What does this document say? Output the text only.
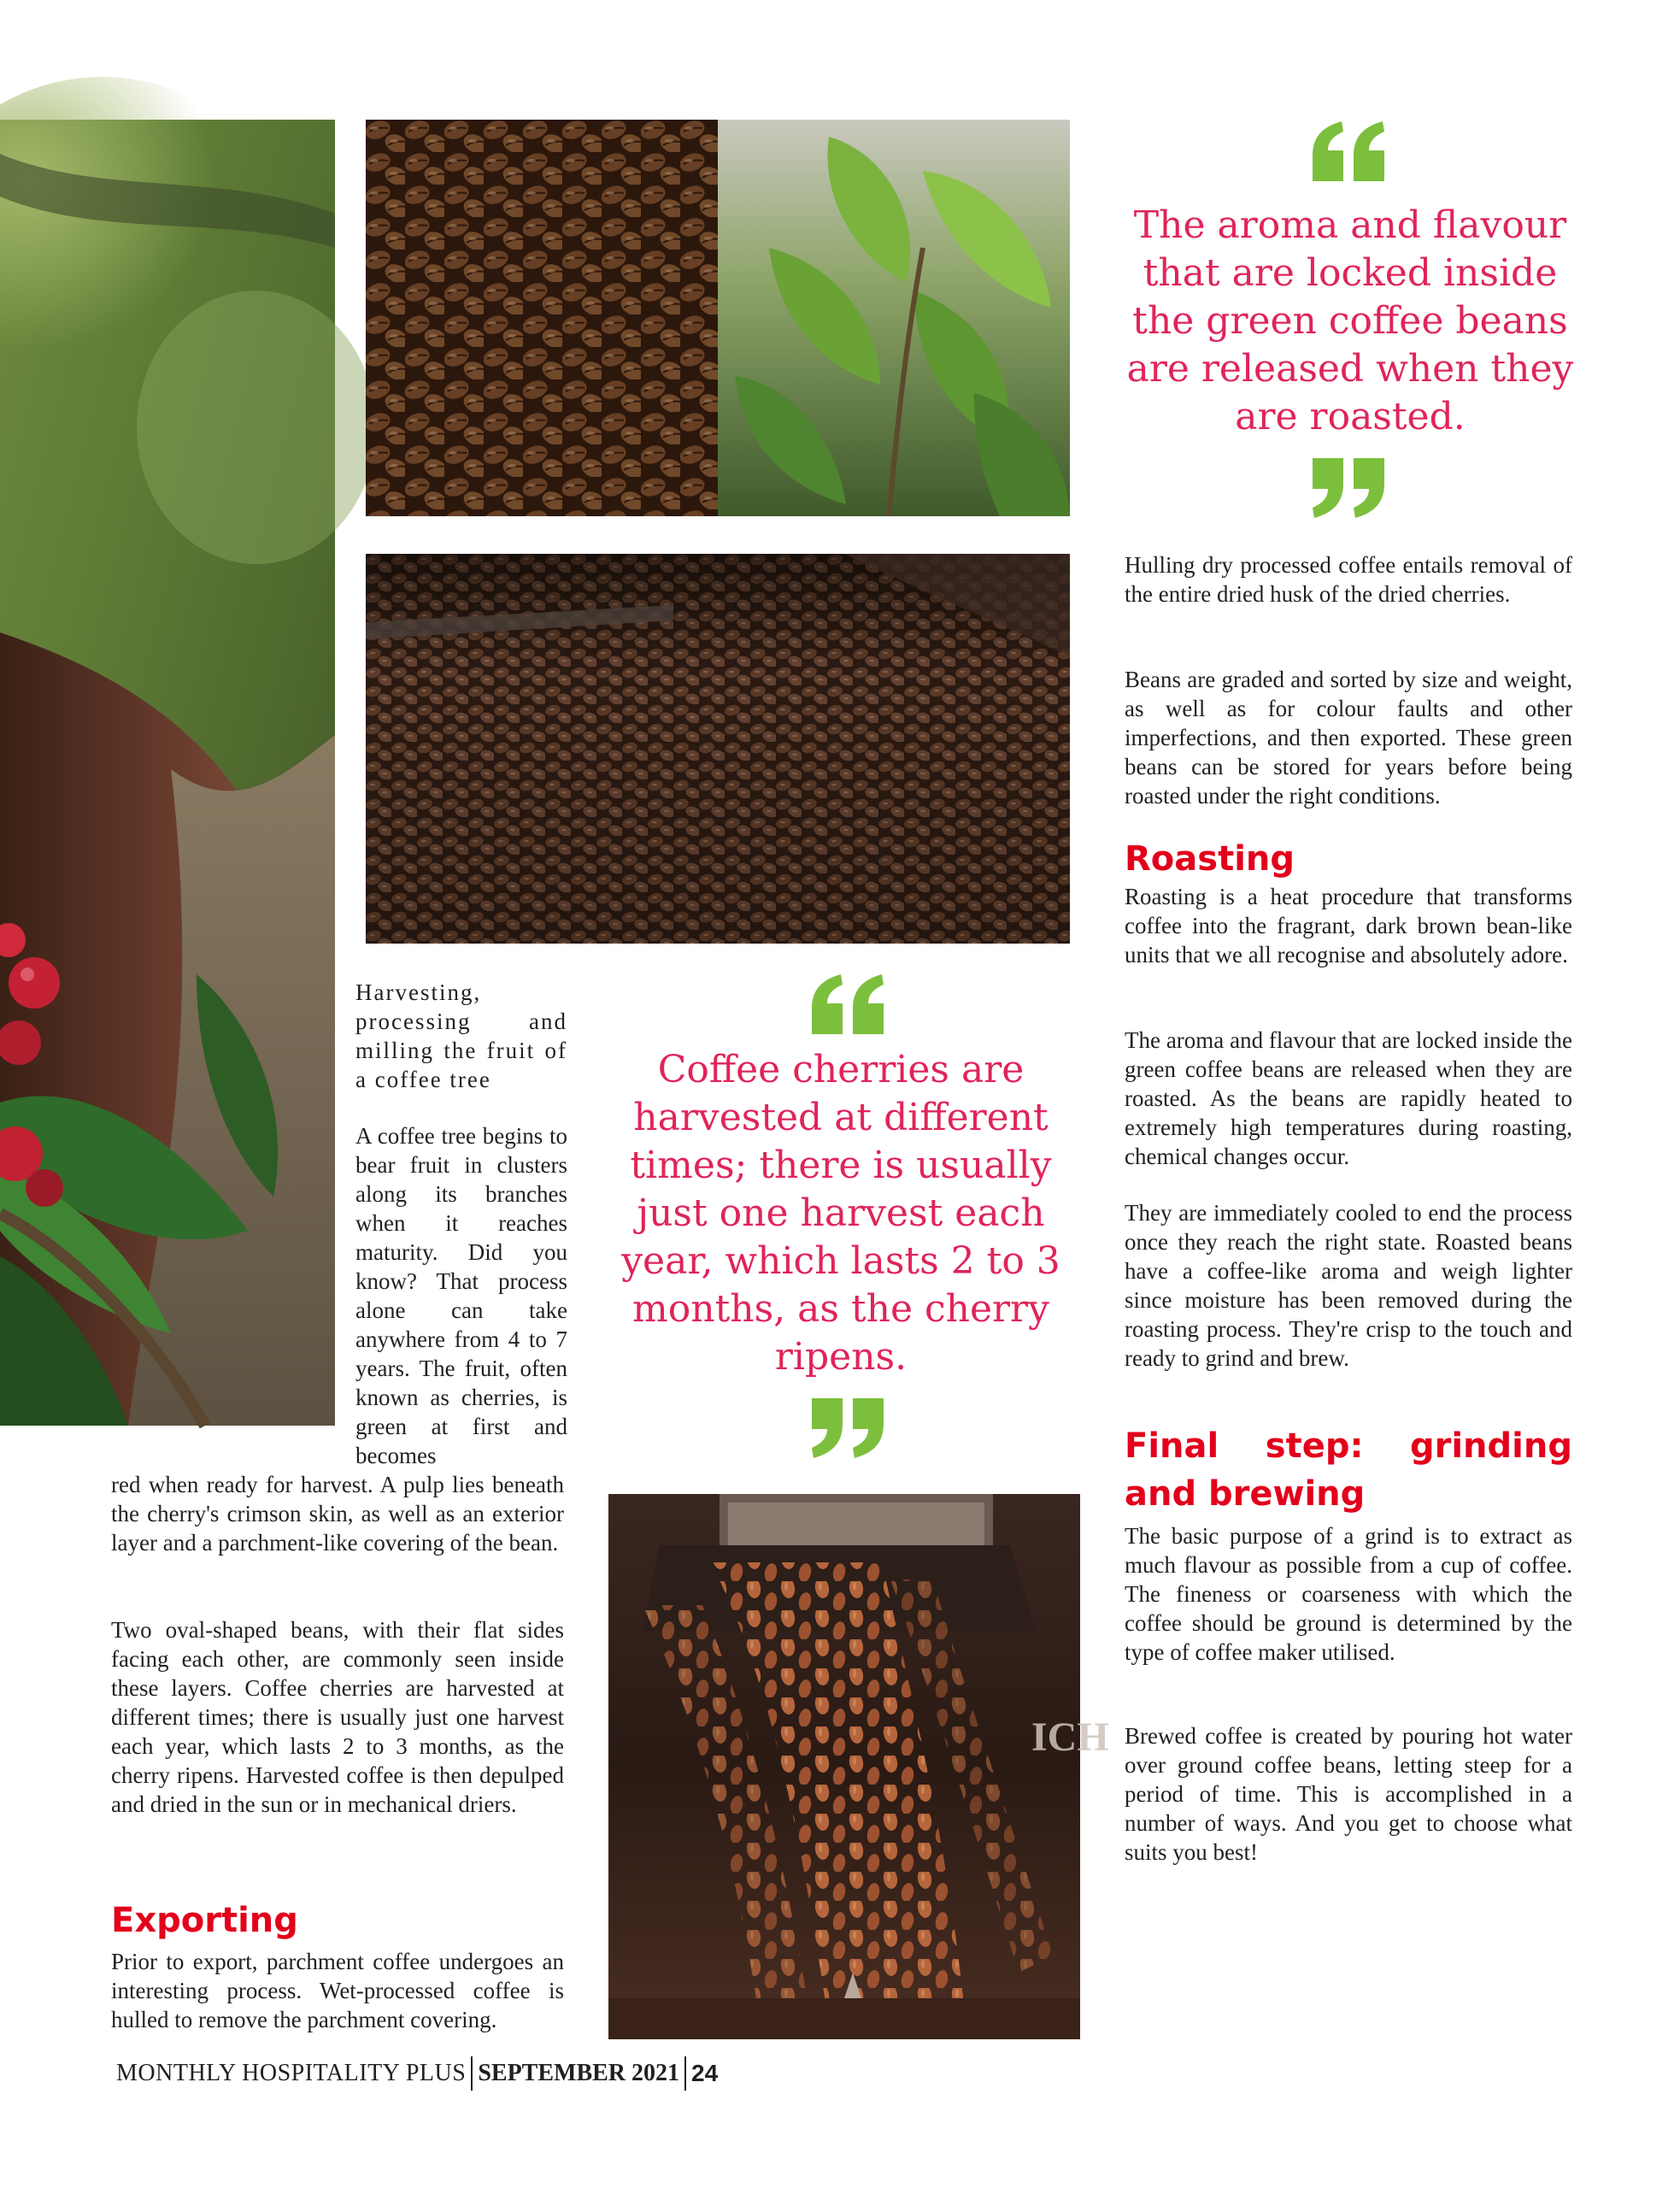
ICH

The aroma and flavour that are locked inside the green coffee beans are released when they are roasted.

Coffee cherries are harvested at different times; there is usually just one harvest each year, which lasts 2 to 3 months, as the cherry ripens.

Harvesting, processing and milling the fruit of a coffee tree

A coffee tree begins to bear fruit in clusters along its branches when it reaches maturity. Did you know? That process alone can take anywhere from 4 to 7 years. The fruit, often known as cherries, is green at first and becomes

red when ready for harvest. A pulp lies beneath the cherry's crimson skin, as well as an exterior layer and a parchment-like covering of the bean.

Two oval-shaped beans, with their flat sides facing each other, are commonly seen inside these layers. Coffee cherries are harvested at different times; there is usually just one harvest each year, which lasts 2 to 3 months, as the cherry ripens. Harvested coffee is then depulped and dried in the sun or in mechanical driers.

Exporting

Prior to export, parchment coffee undergoes an interesting process. Wet-processed coffee is hulled to remove the parchment covering.

Hulling dry processed coffee entails removal of the entire dried husk of the dried cherries.

Beans are graded and sorted by size and weight, as well as for colour faults and other imperfections, and then exported. These green beans can be stored for years before being roasted under the right conditions.

Roasting

Roasting is a heat procedure that transforms coffee into the fragrant, dark brown bean-like units that we all recognise and absolutely adore.

The aroma and flavour that are locked inside the green coffee beans are released when they are roasted. As the beans are rapidly heated to extremely high temperatures during roasting, chemical changes occur.

They are immediately cooled to end the process once they reach the right state. Roasted beans have a coffee-like aroma and weigh lighter since moisture has been removed during the roasting process. They're crisp to the touch and ready to grind and brew.

Final step: grinding and brewing

The basic purpose of a grind is to extract as much flavour as possible from a cup of coffee. The fineness or coarseness with which the coffee should be ground is determined by the type of coffee maker utilised.

Brewed coffee is created by pouring hot water over ground coffee beans, letting steep for a period of time. This is accomplished in a number of ways. And you get to choose what suits you best!

MONTHLY HOSPITALITY PLUS SEPTEMBER 2021 24
